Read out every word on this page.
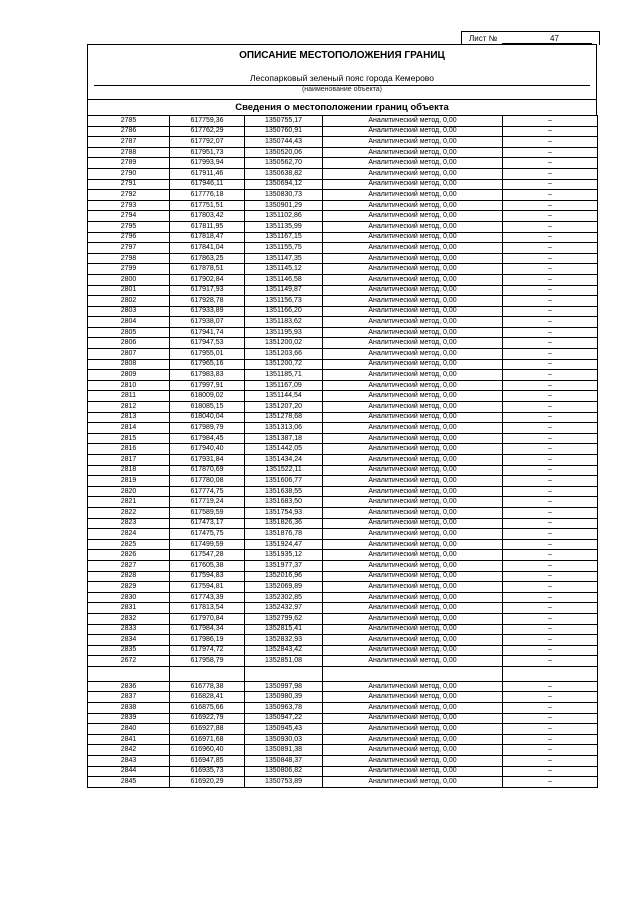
Лист №	47
ОПИСАНИЕ МЕСТОПОЛОЖЕНИЯ ГРАНИЦ
Лесопарковый зеленый пояс города Кемерово
(наименование объекта)
Сведения о местоположении границ объекта
2785	617759,36	1350755,17	Аналитический метод, 0,00	–
2786	617762,29	1350760,91	Аналитический метод, 0,00	–
2787	617792,07	1350744,43	Аналитический метод, 0,00	–
2788	617951,73	1350520,06	Аналитический метод, 0,00	–
2789	617993,94	1350562,70	Аналитический метод, 0,00	–
2790	617911,46	1350638,82	Аналитический метод, 0,00	–
2791	617946,11	1350694,12	Аналитический метод, 0,00	–
2792	617776,18	1350830,73	Аналитический метод, 0,00	–
2793	617751,51	1350901,29	Аналитический метод, 0,00	–
2794	617803,42	1351102,86	Аналитический метод, 0,00	–
2795	617811,95	1351135,99	Аналитический метод, 0,00	–
2796	617818,47	1351167,15	Аналитический метод, 0,00	–
2797	617841,04	1351155,75	Аналитический метод, 0,00	–
2798	617863,25	1351147,35	Аналитический метод, 0,00	–
2799	617878,51	1351145,12	Аналитический метод, 0,00	–
2800	617902,84	1351146,58	Аналитический метод, 0,00	–
2801	617917,93	1351149,87	Аналитический метод, 0,00	–
2802	617928,78	1351156,73	Аналитический метод, 0,00	–
2803	617933,89	1351166,20	Аналитический метод, 0,00	–
2804	617938,07	1351183,62	Аналитический метод, 0,00	–
2805	617941,74	1351195,93	Аналитический метод, 0,00	–
2806	617947,53	1351200,02	Аналитический метод, 0,00	–
2807	617955,01	1351203,66	Аналитический метод, 0,00	–
2808	617965,16	1351200,72	Аналитический метод, 0,00	–
2809	617983,83	1351185,71	Аналитический метод, 0,00	–
2810	617997,91	1351167,09	Аналитический метод, 0,00	–
2811	618009,02	1351144,54	Аналитический метод, 0,00	–
2812	618085,15	1351207,20	Аналитический метод, 0,00	–
2813	618040,04	1351278,68	Аналитический метод, 0,00	–
2814	617989,79	1351313,06	Аналитический метод, 0,00	–
2815	617984,45	1351387,18	Аналитический метод, 0,00	–
2816	617940,40	1351442,05	Аналитический метод, 0,00	–
2817	617931,84	1351434,24	Аналитический метод, 0,00	–
2818	617870,69	1351522,11	Аналитический метод, 0,00	–
2819	617780,08	1351606,77	Аналитический метод, 0,00	–
2820	617774,75	1351638,55	Аналитический метод, 0,00	–
2821	617719,24	1351683,50	Аналитический метод, 0,00	–
2822	617589,59	1351754,93	Аналитический метод, 0,00	–
2823	617473,17	1351826,36	Аналитический метод, 0,00	–
2824	617475,75	1351876,78	Аналитический метод, 0,00	–
2825	617499,59	1351924,47	Аналитический метод, 0,00	–
2826	617547,28	1351935,12	Аналитический метод, 0,00	–
2827	617605,38	1351977,37	Аналитический метод, 0,00	–
2828	617594,83	1352016,96	Аналитический метод, 0,00	–
2829	617594,81	1352069,89	Аналитический метод, 0,00	–
2830	617743,39	1352302,85	Аналитический метод, 0,00	–
2831	617813,54	1352432,97	Аналитический метод, 0,00	–
2832	617970,84	1352799,62	Аналитический метод, 0,00	–
2833	617984,34	1352815,41	Аналитический метод, 0,00	–
2834	617986,19	1352832,93	Аналитический метод, 0,00	–
2835	617974,72	1352843,42	Аналитический метод, 0,00	–
2672	617958,79	1352851,08	Аналитический метод, 0,00	–

2836	616778,38	1350997,98	Аналитический метод, 0,00	–
2837	616828,41	1350980,39	Аналитический метод, 0,00	–
2838	616875,66	1350963,78	Аналитический метод, 0,00	–
2839	616922,79	1350947,22	Аналитический метод, 0,00	–
2840	616927,88	1350945,43	Аналитический метод, 0,00	–
2841	616971,68	1350930,03	Аналитический метод, 0,00	–
2842	616960,40	1350891,38	Аналитический метод, 0,00	–
2843	616947,85	1350848,37	Аналитический метод, 0,00	–
2844	616935,73	1350806,82	Аналитический метод, 0,00	–
2845	616920,29	1350753,89	Аналитический метод, 0,00	–
